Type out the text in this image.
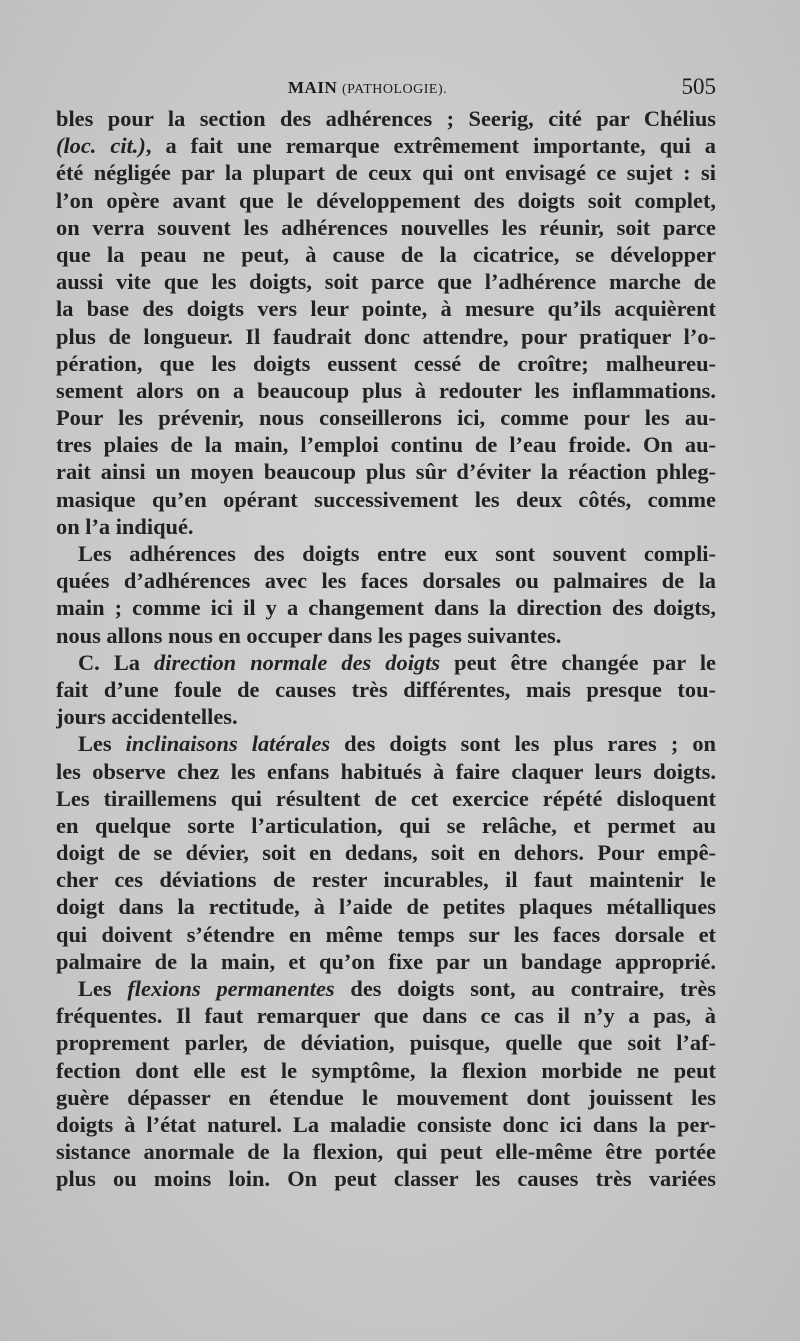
MAIN (PATHOLOGIE).	505
bles pour la section des adhérences ; Seerig, cité par Chélius
(loc. cit.), a fait une remarque extrêmement importante, qui a
été négligée par la plupart de ceux qui ont envisagé ce sujet : si
l’on opère avant que le développement des doigts soit complet,
on verra souvent les adhérences nouvelles les réunir, soit parce
que la peau ne peut, à cause de la cicatrice, se développer
aussi vite que les doigts, soit parce que l’adhérence marche de
la base des doigts vers leur pointe, à mesure qu’ils acquièrent
plus de longueur. Il faudrait donc attendre, pour pratiquer l’o-
pération, que les doigts eussent cessé de croître; malheureu-
sement alors on a beaucoup plus à redouter les inflammations.
Pour les prévenir, nous conseillerons ici, comme pour les au-
tres plaies de la main, l’emploi continu de l’eau froide. On au-
rait ainsi un moyen beaucoup plus sûr d’éviter la réaction phleg-
masique qu’en opérant successivement les deux côtés, comme
on l’a indiqué.
Les adhérences des doigts entre eux sont souvent compli-
quées d’adhérences avec les faces dorsales ou palmaires de la
main ; comme ici il y a changement dans la direction des doigts,
nous allons nous en occuper dans les pages suivantes.
C. La direction normale des doigts peut être changée par le
fait d’une foule de causes très différentes, mais presque tou-
jours accidentelles.
Les inclinaisons latérales des doigts sont les plus rares ; on
les observe chez les enfans habitués à faire claquer leurs doigts.
Les tiraillemens qui résultent de cet exercice répété disloquent
en quelque sorte l’articulation, qui se relâche, et permet au
doigt de se dévier, soit en dedans, soit en dehors. Pour empê-
cher ces déviations de rester incurables, il faut maintenir le
doigt dans la rectitude, à l’aide de petites plaques métalliques
qui doivent s’étendre en même temps sur les faces dorsale et
palmaire de la main, et qu’on fixe par un bandage approprié.
Les flexions permanentes des doigts sont, au contraire, très
fréquentes. Il faut remarquer que dans ce cas il n’y a pas, à
proprement parler, de déviation, puisque, quelle que soit l’af-
fection dont elle est le symptôme, la flexion morbide ne peut
guère dépasser en étendue le mouvement dont jouissent les
doigts à l’état naturel. La maladie consiste donc ici dans la per-
sistance anormale de la flexion, qui peut elle-même être portée
plus ou moins loin. On peut classer les causes très variées
